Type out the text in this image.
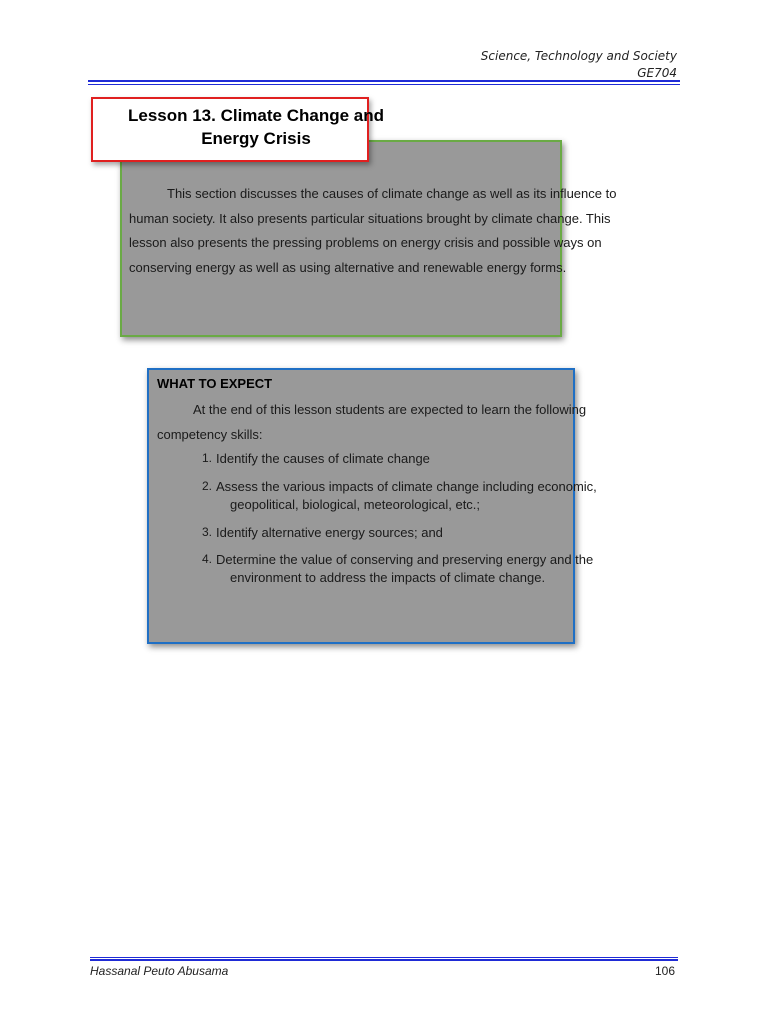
Science, Technology and Society
GE704
Lesson 13. Climate Change and
Energy Crisis
This section discusses the causes of climate change as well as its influence to
human society. It also presents particular situations brought by climate change. This
lesson also presents the pressing problems on energy crisis and possible ways on
conserving energy as well as using alternative and renewable energy forms.
WHAT TO EXPECT
At the end of this lesson students are expected to learn the following
competency skills:
1. Identify the causes of climate change
2. Assess the various impacts of climate change including economic,
geopolitical, biological, meteorological, etc.;
3. Identify alternative energy sources; and
4. Determine the value of conserving and preserving energy and the
environment to address the impacts of climate change.
Hassanal Peuto Abusama	106
